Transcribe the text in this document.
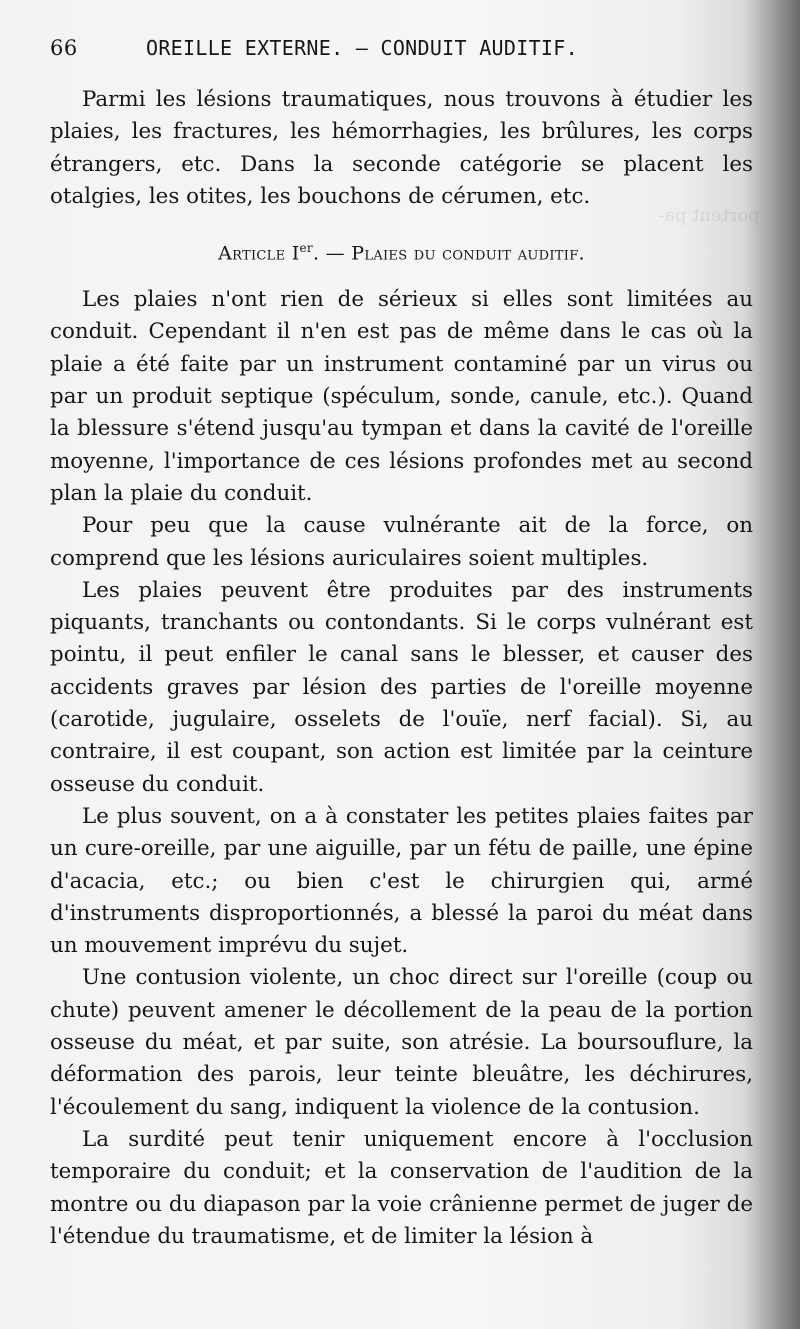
portent pa-
66	OREILLE EXTERNE. — CONDUIT AUDITIF.

Parmi les lésions traumatiques, nous trouvons à étudier les plaies, les fractures, les hémorrhagies, les brûlures, les corps étrangers, etc. Dans la seconde catégorie se placent les otalgies, les otites, les bouchons de cérumen, etc.

Article Ier. — Plaies du conduit auditif.

Les plaies n'ont rien de sérieux si elles sont limitées au conduit. Cependant il n'en est pas de même dans le cas où la plaie a été faite par un instrument contaminé par un virus ou par un produit septique (spéculum, sonde, canule, etc.). Quand la blessure s'étend jusqu'au tympan et dans la cavité de l'oreille moyenne, l'importance de ces lésions profondes met au second plan la plaie du conduit.

Pour peu que la cause vulnérante ait de la force, on comprend que les lésions auriculaires soient multiples.

Les plaies peuvent être produites par des instruments piquants, tranchants ou contondants. Si le corps vulnérant est pointu, il peut enfiler le canal sans le blesser, et causer des accidents graves par lésion des parties de l'oreille moyenne (carotide, jugulaire, osselets de l'ouïe, nerf facial). Si, au contraire, il est coupant, son action est limitée par la ceinture osseuse du conduit.

Le plus souvent, on a à constater les petites plaies faites par un cure-oreille, par une aiguille, par un fétu de paille, une épine d'acacia, etc.; ou bien c'est le chirurgien qui, armé d'instruments disproportionnés, a blessé la paroi du méat dans un mouvement imprévu du sujet.

Une contusion violente, un choc direct sur l'oreille (coup ou chute) peuvent amener le décollement de la peau de la portion osseuse du méat, et par suite, son atrésie. La boursouflure, la déformation des parois, leur teinte bleuâtre, les déchirures, l'écoulement du sang, indiquent la violence de la contusion.

La surdité peut tenir uniquement encore à l'occlusion temporaire du conduit; et la conservation de l'audition de la montre ou du diapason par la voie crânienne permet de juger de l'étendue du traumatisme, et de limiter la lésion à
